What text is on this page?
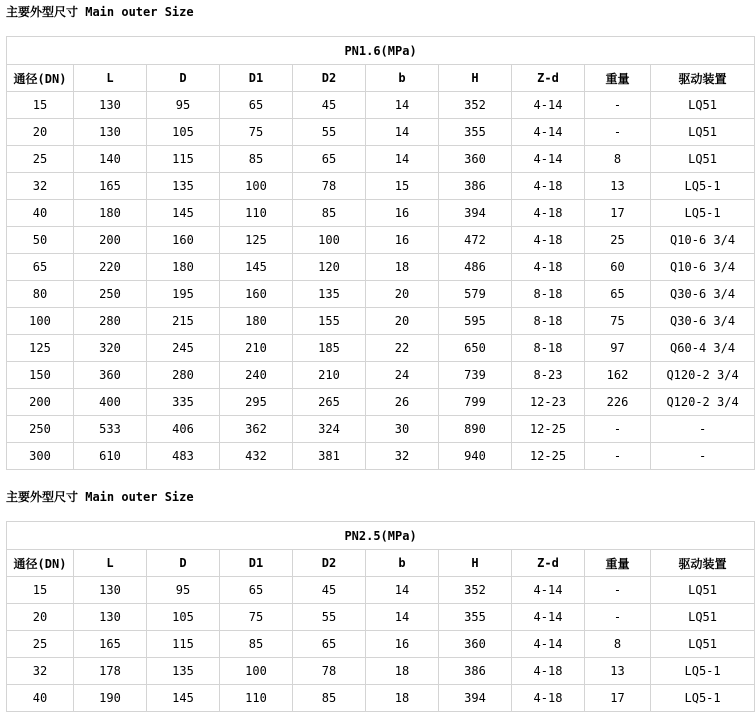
主要外型尺寸 Main outer Size
PN1.6(MPa)									
通径(DN)	L	D	D1	D2	b	H	Z-d	重量	驱动装置
15	130	95	65	45	14	352	4-14	-	LQ51
20	130	105	75	55	14	355	4-14	-	LQ51
25	140	115	85	65	14	360	4-14	8	LQ51
32	165	135	100	78	15	386	4-18	13	LQ5-1
40	180	145	110	85	16	394	4-18	17	LQ5-1
50	200	160	125	100	16	472	4-18	25	Q10-6 3/4
65	220	180	145	120	18	486	4-18	60	Q10-6 3/4
80	250	195	160	135	20	579	8-18	65	Q30-6 3/4
100	280	215	180	155	20	595	8-18	75	Q30-6 3/4
125	320	245	210	185	22	650	8-18	97	Q60-4 3/4
150	360	280	240	210	24	739	8-23	162	Q120-2 3/4
200	400	335	295	265	26	799	12-23	226	Q120-2 3/4
250	533	406	362	324	30	890	12-25	-	-
300	610	483	432	381	32	940	12-25	-	-
主要外型尺寸 Main outer Size
PN2.5(MPa)									
通径(DN)	L	D	D1	D2	b	H	Z-d	重量	驱动装置
15	130	95	65	45	14	352	4-14	-	LQ51
20	130	105	75	55	14	355	4-14	-	LQ51
25	165	115	85	65	16	360	4-14	8	LQ51
32	178	135	100	78	18	386	4-18	13	LQ5-1
40	190	145	110	85	18	394	4-18	17	LQ5-1
